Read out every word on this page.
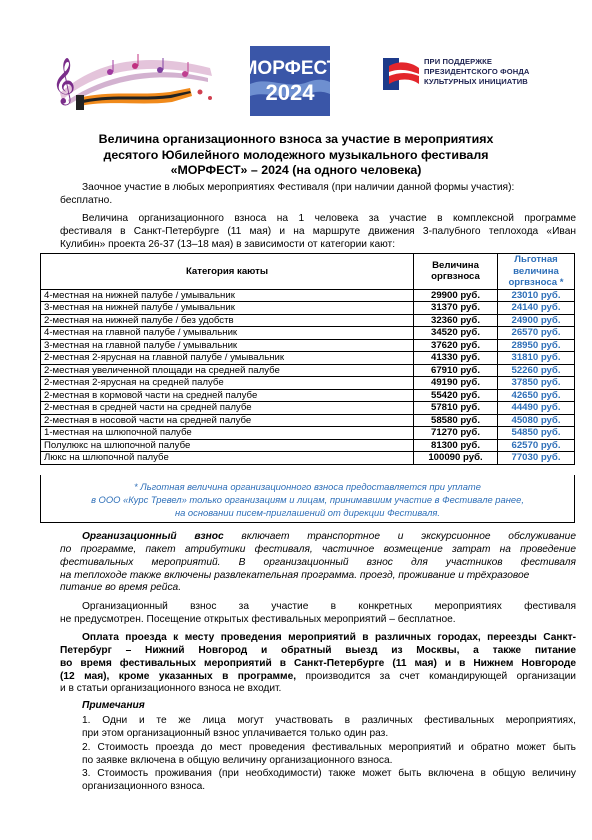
𝄞	МОРФЕСТ
2024
ПРИ ПОДДЕРЖКЕ
ПРЕЗИДЕНТСКОГО ФОНДА
КУЛЬТУРНЫХ ИНИЦИАТИВ
Величина организационного взноса за участие в мероприятиях
десятого Юбилейного молодежного музыкального фестиваля
«МОРФЕСТ» – 2024 (на одного человека)
Заочное участие в любых мероприятиях Фестиваля (при наличии данной формы участия):
бесплатно.
Величина организационного взноса на 1 человека за участие в комплексной программе
фестиваля в Санкт-Петербурге (11 мая) и на маршруте движения 3-палубного теплохода «Иван
Кулибин» проекта 26-37 (13–18 мая) в зависимости от категории кают:
Категория каюты	Величина оргвзноса	Льготная величина оргвзноса *
4-местная на нижней палубе / умывальник	29900 руб.	23010 руб.
3-местная на нижней палубе / умывальник	31370 руб.	24140 руб.
2-местная на нижней палубе / без удобств	32360 руб.	24900 руб.
4-местная на главной палубе / умывальник	34520 руб.	26570 руб.
3-местная на главной палубе / умывальник	37620 руб.	28950 руб.
2-местная 2-ярусная на главной палубе / умывальник	41330 руб.	31810 руб.
2-местная увеличенной площади на средней палубе	67910 руб.	52260 руб.
2-местная 2-ярусная на средней палубе	49190 руб.	37850 руб.
2-местная в кормовой части на средней палубе	55420 руб.	42650 руб.
2-местная в средней части на средней палубе	57810 руб.	44490 руб.
2-местная в носовой части на средней палубе	58580 руб.	45080 руб.
1-местная на шлюпочной палубе	71270 руб.	54850 руб.
Полулюкс на шлюпочной палубе	81300 руб.	62570 руб.
Люкс на шлюпочной палубе	100090 руб.	77030 руб.
* Льготная величина организационного взноса предоставляется при уплате
в ООО «Курс Тревел» только организациям и лицам, принимавшим участие в Фестивале ранее,
на основании писем-приглашений от дирекции Фестиваля.
Организационный взнос включает транспортное и экскурсионное обслуживание
по программе, пакет атрибутики фестиваля, частичное возмещение затрат на проведение
фестивальных мероприятий. В организационный взнос для участников фестиваля
на теплоходе также включены развлекательная программа. проезд, проживание и трёхразовое
питание во время рейса.
Организационный взнос за участие в конкретных мероприятиях фестиваля
не предусмотрен. Посещение открытых фестивальных мероприятий – бесплатное.
Оплата проезда к месту проведения мероприятий в различных городах, переезды Санкт-
Петербург – Нижний Новгород и обратный выезд из Москвы, а также питание
во время фестивальных мероприятий в Санкт-Петербурге (11 мая) и в Нижнем Новгороде
(12 мая), кроме указанных в программе, производится за счет командирующей организации
и в статьи организационного взноса не входит.
Примечания
1. Одни и те же лица могут участвовать в различных фестивальных мероприятиях,
при этом организационный взнос уплачивается только один раз.
2. Стоимость проезда до мест проведения фестивальных мероприятий и обратно может быть
по заявке включена в общую величину организационного взноса.
3. Стоимость проживания (при необходимости) также может быть включена в общую величину
организационного взноса.
